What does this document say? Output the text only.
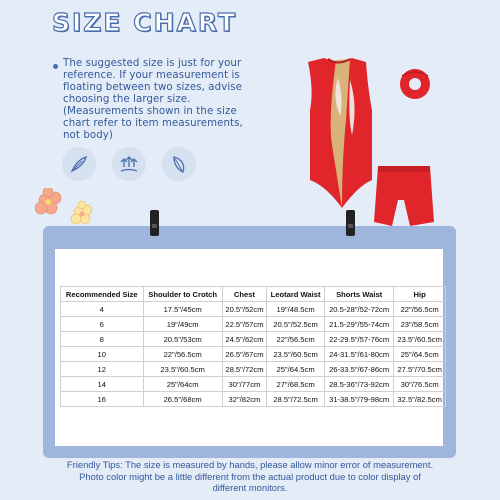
SIZE CHART

The suggested size is just for your

reference. If your measurement is

floating between two sizes, advise

choosing the larger size.

(Measurements shown in the size

chart refer to item measurements,

not body)

Recommended Size	Shoulder to Crotch	Chest	Leotard Waist	Shorts Waist	Hip
4	17.5"/45cm	20.5"/52cm	19"/48.5cm	20.5-28"/52-72cm	22"/56.5cm
6	19"/49cm	22.5"/57cm	20.5"/52.5cm	21.5-29"/55-74cm	23"/58.5cm
8	20.5"/53cm	24.5"/62cm	22"/56.5cm	22-29.5"/57-76cm	23.5"/60.5cm
10	22"/56.5cm	26.5"/67cm	23.5"/60.5cm	24-31.5"/61-80cm	25"/64.5cm
12	23.5"/60.5cm	28.5"/72cm	25"/64.5cm	26-33.5"/67-86cm	27.5"/70.5cm
14	25"/64cm	30"/77cm	27"/68.5cm	28.5-36"/73-92cm	30"/76.5cm
16	26.5"/68cm	32"/82cm	28.5"/72.5cm	31-38.5"/79-98cm	32.5"/82.5cm
Friendly Tips: The size is measured by hands, please allow minor error of measurement.
Photo color might be a little different from the actual product due to color display of
different monitors.
